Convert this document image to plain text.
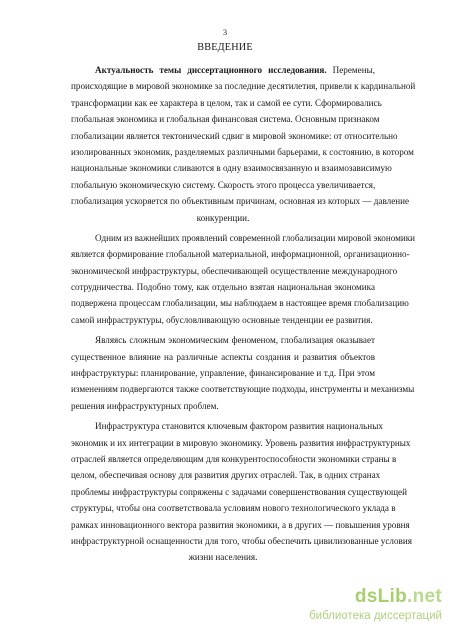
3
ВВЕДЕНИЕ
Актуальность темы диссертационного исследования. Перемены,
происходящие в мировой экономике за последние десятилетия, привели к кардинальной
трансформации как ее характера в целом, так и самой ее сути. Сформировались
глобальная экономика и глобальная финансовая система. Основным признаком
глобализации является тектонический сдвиг в мировой экономике: от относительно
изолированных экономик, разделяемых различными барьерами, к состоянию, в котором
национальные экономики сливаются в одну взаимосвязанную и взаимозависимую
глобальную экономическую систему. Скорость этого процесса увеличивается,
глобализация ускоряется по объективным причинам, основная из которых — давление
конкуренции.
Одним из важнейших проявлений современной глобализации мировой экономики
является формирование глобальной материальной, информационной, организационно-
экономической инфраструктуры, обеспечивающей осуществление международного
сотрудничества. Подобно тому, как отдельно взятая национальная экономика
подвержена процессам глобализации, мы наблюдаем в настоящее время глобализацию
самой инфраструктуры, обусловливающую основные тенденции ее развития.
Являясь сложным экономическим феноменом, глобализация оказывает
существенное влияние на различные аспекты создания и развития объектов
инфраструктуры: планирование, управление, финансирование и т.д. При этом
изменениям подвергаются также соответствующие подходы, инструменты и механизмы
решения инфраструктурных проблем.
Инфраструктура становится ключевым фактором развития национальных
экономик и их интеграции в мировую экономику. Уровень развития инфраструктурных
отраслей является определяющим для конкурентоспособности экономики страны в
целом, обеспечивая основу для развития других отраслей. Так, в одних странах
проблемы инфраструктуры сопряжены с задачами совершенствования существующей
структуры, чтобы она соответствовала условиям нового технологического уклада в
рамках инновационного вектора развития экономики, а в других — повышения уровня
инфраструктурной оснащенности для того, чтобы обеспечить цивилизованные условия
жизни населения.
dsLib.net
библиотека диссертаций
